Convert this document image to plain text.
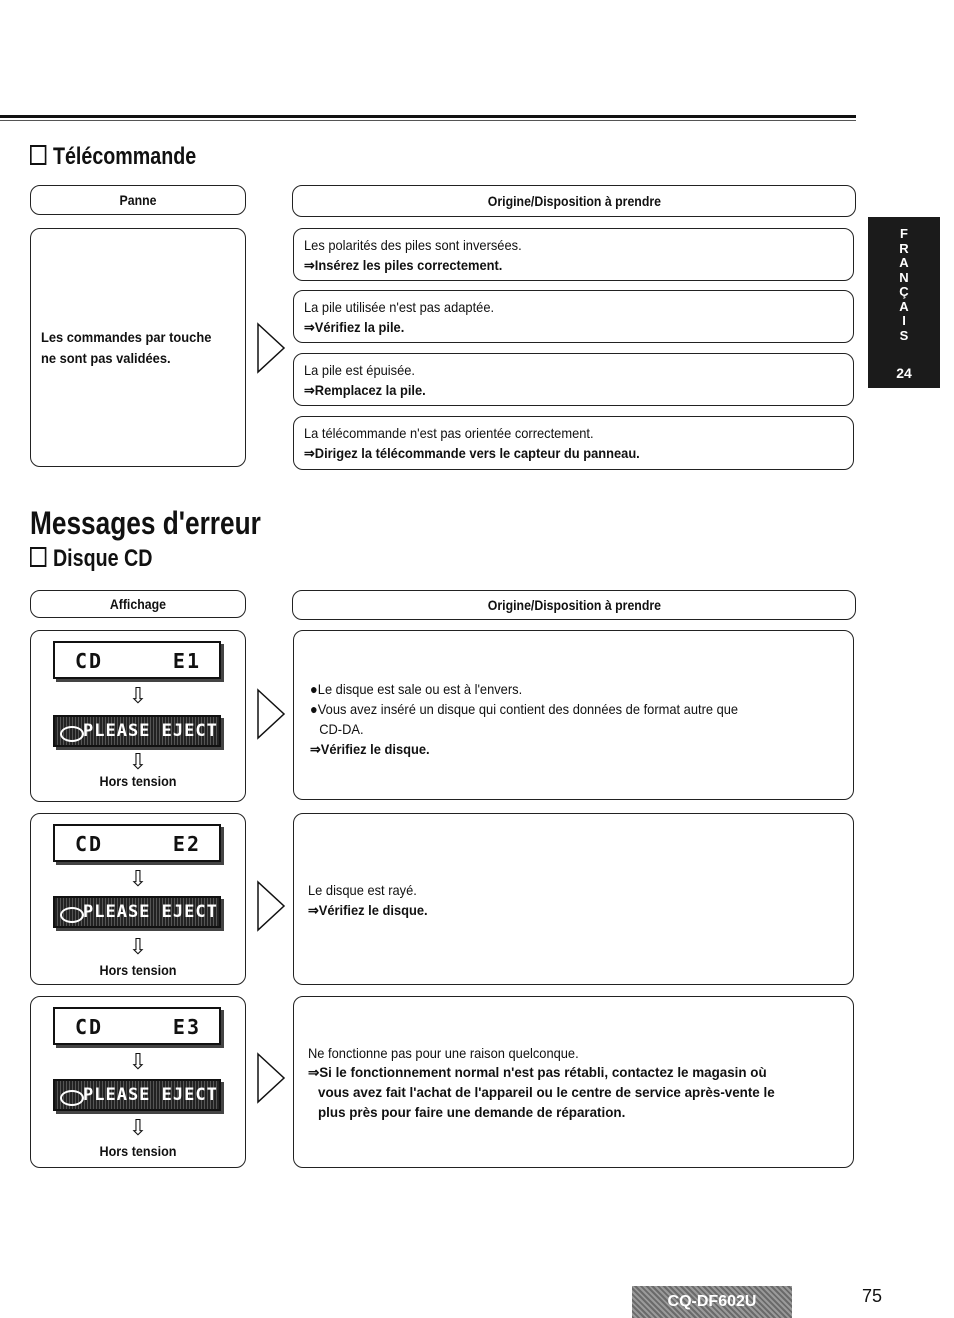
Télécommande
Panne	Origine/Disposition à prendre
Les commandes par touche
ne sont pas validées.
Les polarités des piles sont inversées.
⇒Insérez les piles correctement.
La pile utilisée n'est pas adaptée.
⇒Vérifiez la pile.
La pile est épuisée.
⇒Remplacez la pile.
La télécommande n'est pas orientée correctement.
⇒Dirigez la télécommande vers le capteur du panneau.
F
R
A
N
Ç
A
I
S
24
Messages d'erreur
Disque CD
Affichage	Origine/Disposition à prendre
CD	E1
⇩
PLEASE EJECT
⇩
Hors tension
●Le disque est sale ou est à l'envers.
●Vous avez inséré un disque qui contient des données de format autre que
CD-DA.
⇒Vérifiez le disque.
CD	E2
⇩
PLEASE EJECT
⇩
Hors tension
Le disque est rayé.
⇒Vérifiez le disque.
CD	E3
⇩
PLEASE EJECT
⇩
Hors tension
Ne fonctionne pas pour une raison quelconque.
⇒Si le fonctionnement normal n'est pas rétabli, contactez le magasin où
vous avez fait l'achat de l'appareil ou le centre de service après-vente le
plus près pour faire une demande de réparation.
CQ-DF602U	75
